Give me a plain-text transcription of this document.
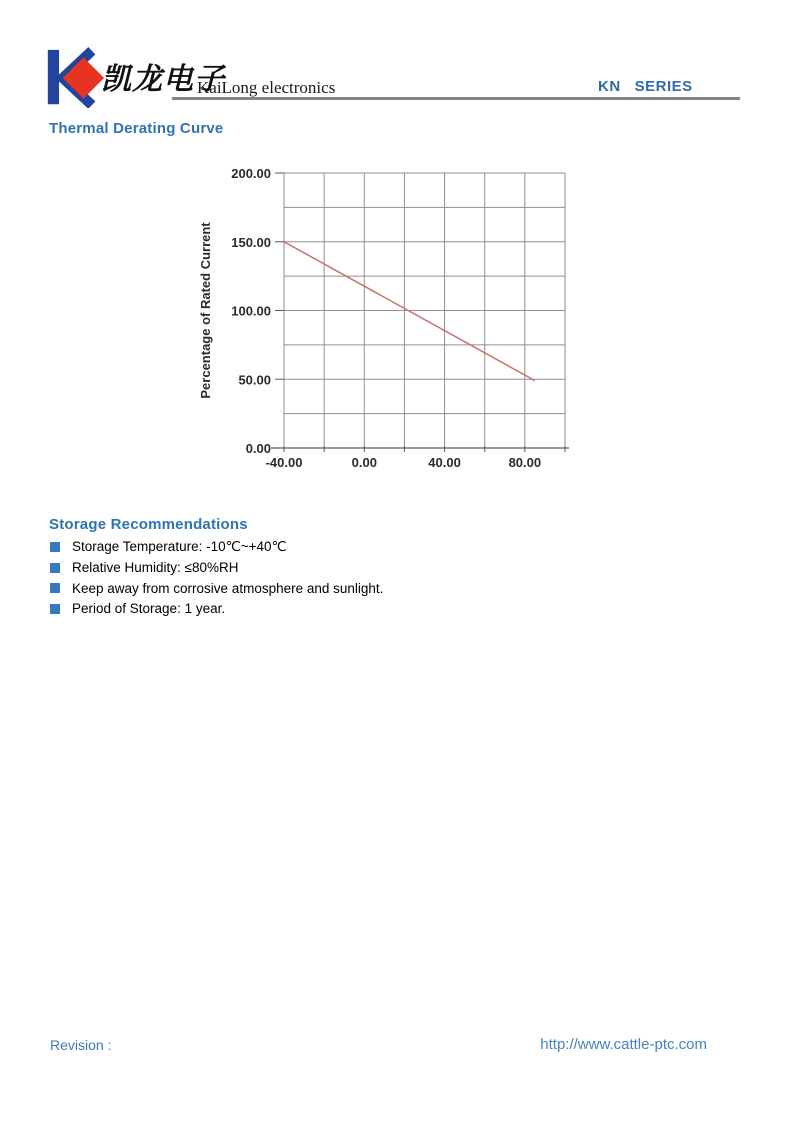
凯龙电子
KaiLong electronics	KN   SERIES
Thermal Derating Curve
0.00
50.00
100.00
150.00
200.00
-40.00	0.00	40.00	80.00
Percentage of Rated Current
Storage Recommendations
Storage Temperature: -10℃~+40℃
Relative Humidity: ≤80%RH
Keep away from corrosive atmosphere and sunlight.
Period of Storage: 1 year.
Revision :	http://www.cattle-ptc.com
